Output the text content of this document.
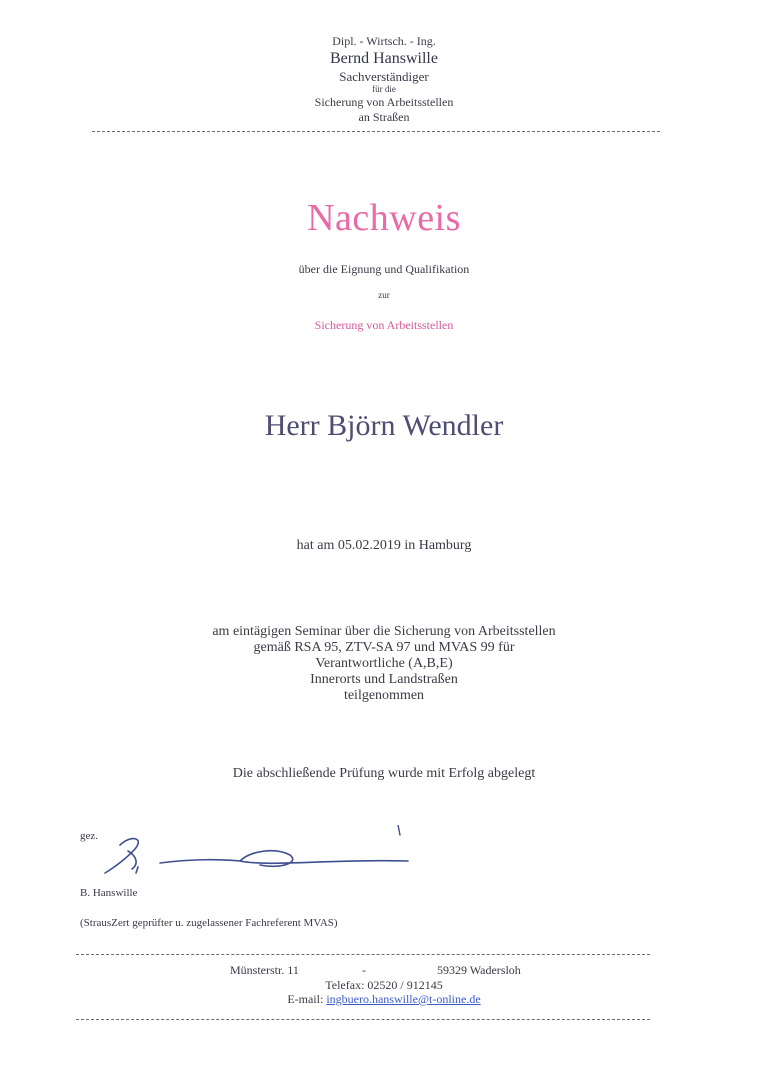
Dipl. - Wirtsch. - Ing.
Bernd Hanswille
Sachverständiger
für die
Sicherung von Arbeitsstellen
an Straßen
Nachweis
über die Eignung und Qualifikation
zur
Sicherung von Arbeitsstellen
Herr Björn Wendler
hat am 05.02.2019 in Hamburg
am eintägigen Seminar über die Sicherung von Arbeitsstellen
gemäß RSA 95, ZTV-SA 97 und MVAS 99 für
Verantwortliche (A,B,E)
Innerorts und Landstraßen
teilgenommen
Die abschließende Prüfung wurde mit Erfolg abgelegt
gez.
B. Hanswille
(StrausZert geprüfter u. zugelassener Fachreferent MVAS)
Münsterstr. 11	-	59329 Wadersloh
Telefax: 02520 / 912145
E-mail: ingbuero.hanswille@t-online.de
